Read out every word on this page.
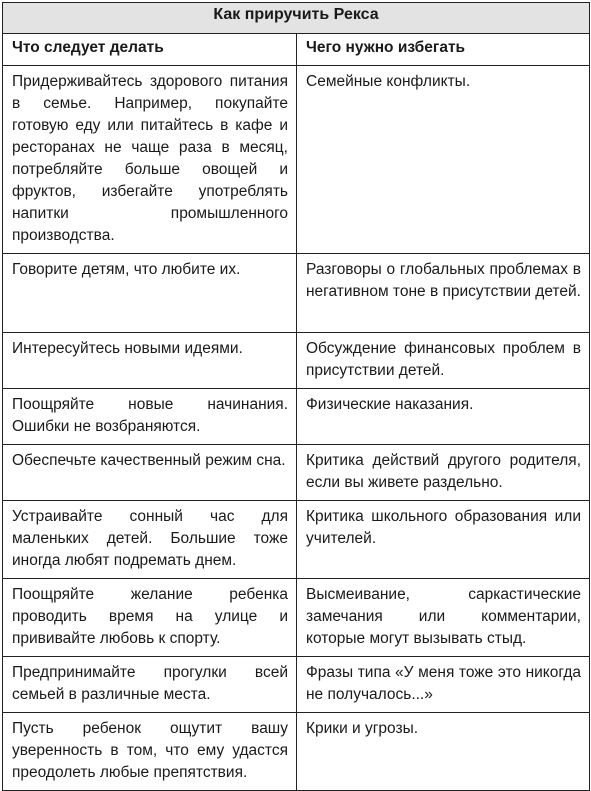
Как приручить Рекса	
Что следует делать	Чего нужно избегать
Придерживайтесь здорового питания в семье. Например, покупайте готовую еду или питайтесь в кафе и ресторанах не чаще раза в месяц, потребляйте больше овощей и фруктов, избегайте употреблять напитки промышленного производства.	Семейные конфликты.
Говорите детям, что любите их.	Разговоры о глобальных проблемах в негативном тоне в присутствии детей.
Интересуйтесь новыми идеями.	Обсуждение финансовых проблем в присутствии детей.
Поощряйте новые начинания. Ошибки не возбраняются.	Физические наказания.
Обеспечьте качественный режим сна.	Критика действий другого родителя, если вы живете раздельно.
Устраивайте сонный час для маленьких детей. Большие тоже иногда любят подремать днем.	Критика школьного образования или учителей.
Поощряйте желание ребенка проводить время на улице и прививайте любовь к спорту.	Высмеивание, саркастические замечания или комментарии, которые могут вызывать стыд.
Предпринимайте прогулки всей семьей в различные места.	Фразы типа «У меня тоже это никогда не получалось...»
Пусть ребенок ощутит вашу уверенность в том, что ему удастся преодолеть любые препятствия.	Крики и угрозы.
